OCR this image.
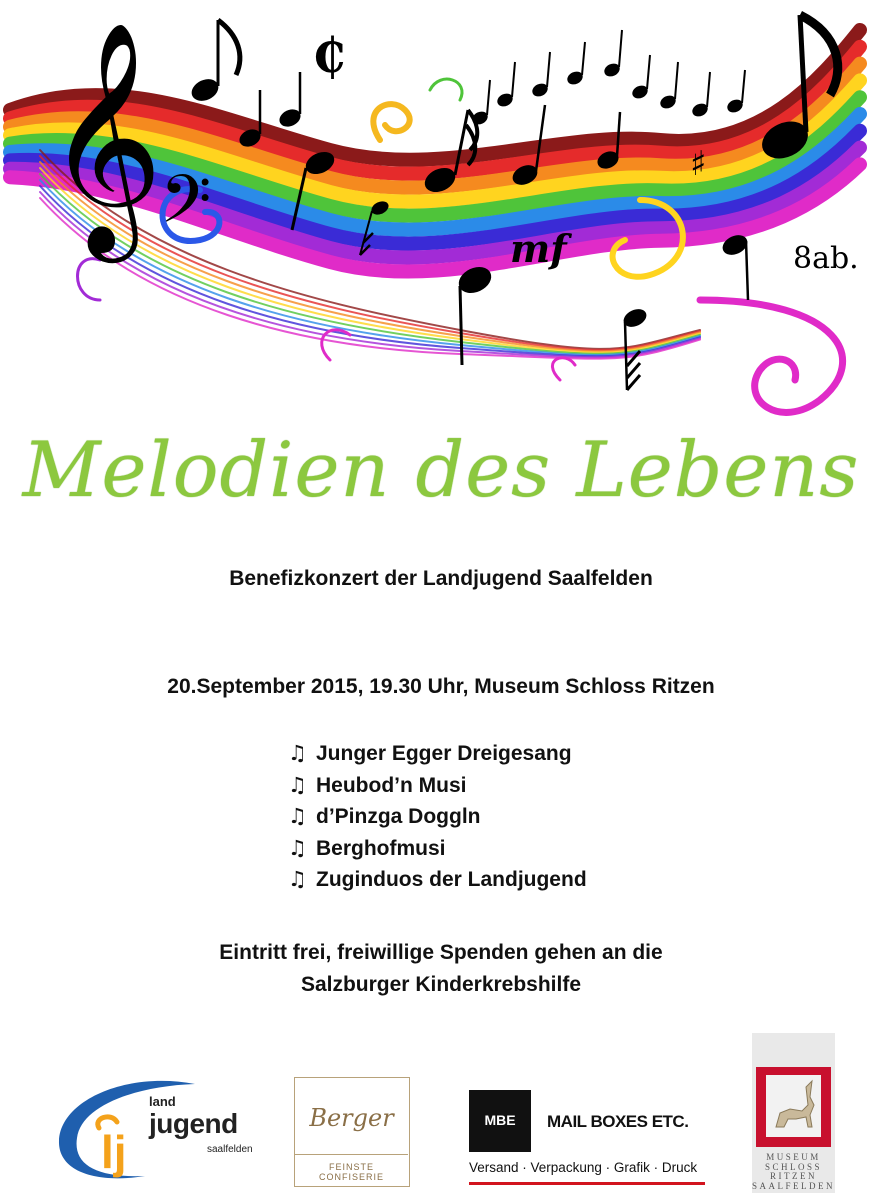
𝄞
𝄢
₵
♯
mf	8ab.
Melodien des Lebens
Benefizkonzert der Landjugend Saalfelden
20.September 2015, 19.30 Uhr, Museum Schloss Ritzen
♫ Junger Egger Dreigesang
♫ Heubod’n Musi
♫ d’Pinzga Doggln
♫ Berghofmusi
♫ Zuginduos der Landjugend
Eintritt frei, freiwillige Spenden gehen an die
Salzburger Kinderkrebshilfe
lj
land
jugend
saalfelden
Berger
FEINSTE CONFISERIE
MBE	MAIL BOXES ETC.
Versand · Verpackung · Grafik · Druck
MUSEUM
SCHLOSS
RITZEN
SAALFELDEN
